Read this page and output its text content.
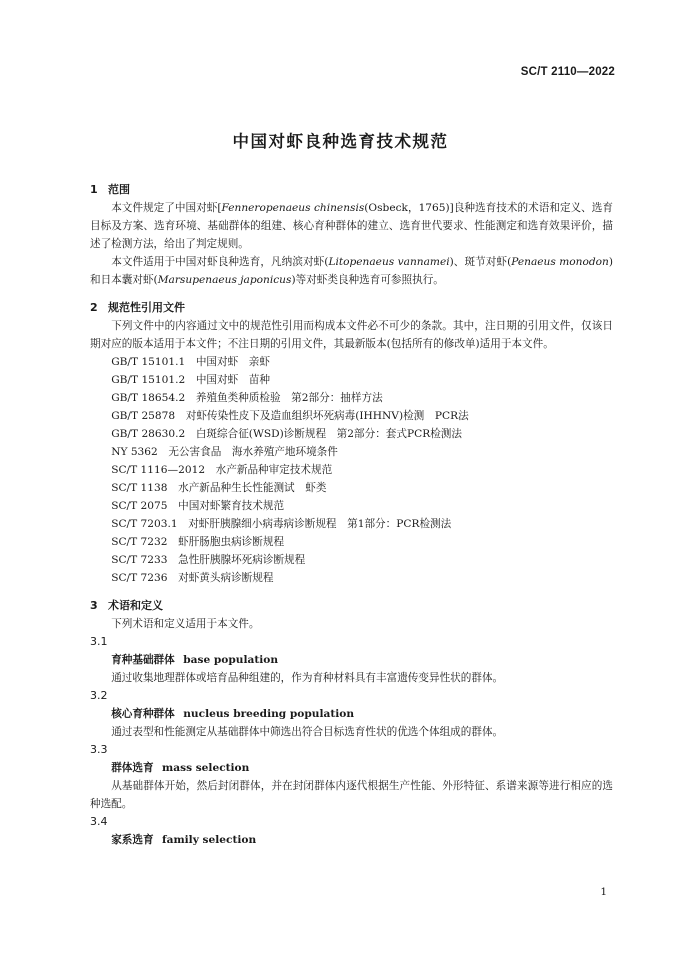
SC/T 2110—2022
中国对虾良种选育技术规范
1 范围

本文件规定了中国对虾[Fenneropenaeus chinensis(Osbeck，1765)]良种选育技术的术语和定义、选育目标及方案、选育环境、基础群体的组建、核心育种群体的建立、选育世代要求、性能测定和选育效果评价，描述了检测方法，给出了判定规则。

本文件适用于中国对虾良种选育，凡纳滨对虾(Litopenaeus vannamei)、斑节对虾(Penaeus monodon)和日本囊对虾(Marsupenaeus japonicus)等对虾类良种选育可参照执行。

2 规范性引用文件

下列文件中的内容通过文中的规范性引用而构成本文件必不可少的条款。其中，注日期的引用文件，仅该日期对应的版本适用于本文件；不注日期的引用文件，其最新版本(包括所有的修改单)适用于本文件。

GB/T 15101.1　中国对虾　亲虾

GB/T 15101.2　中国对虾　苗种

GB/T 18654.2　养殖鱼类种质检验　第2部分：抽样方法

GB/T 25878　对虾传染性皮下及造血组织坏死病毒(IHHNV)检测　PCR法

GB/T 28630.2　白斑综合征(WSD)诊断规程　第2部分：套式PCR检测法

NY 5362　无公害食品　海水养殖产地环境条件

SC/T 1116—2012　水产新品种审定技术规范

SC/T 1138　水产新品种生长性能测试　虾类

SC/T 2075　中国对虾繁育技术规范

SC/T 7203.1　对虾肝胰腺细小病毒病诊断规程　第1部分：PCR检测法

SC/T 7232　虾肝肠胞虫病诊断规程

SC/T 7233　急性肝胰腺坏死病诊断规程

SC/T 7236　对虾黄头病诊断规程

3 术语和定义

下列术语和定义适用于本文件。

3.1

育种基础群体 base population

通过收集地理群体或培育品种组建的，作为育种材料具有丰富遗传变异性状的群体。

3.2

核心育种群体 nucleus breeding population

通过表型和性能测定从基础群体中筛选出符合目标选育性状的优选个体组成的群体。

3.3

群体选育 mass selection

从基础群体开始，然后封闭群体，并在封闭群体内逐代根据生产性能、外形特征、系谱来源等进行相应的选种选配。

3.4

家系选育 family selection

1
